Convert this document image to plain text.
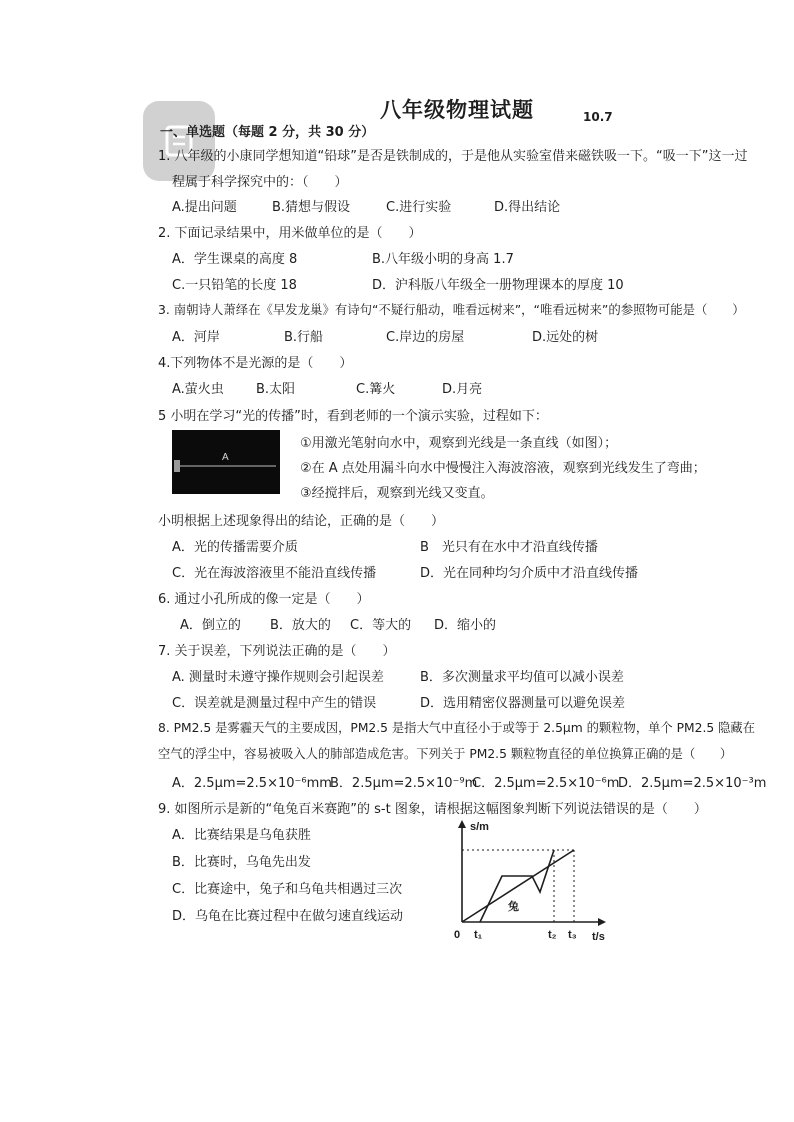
八年级物理试题	10.7
一、单选题（每题 2 分，共 30 分）
1. 八年级的小康同学想知道“铅球”是否是铁制成的，于是他从实验室借来磁铁吸一下。“吸一下”这一过
程属于科学探究中的：（　　）
A.提出问题	B.猜想与假设	C.进行实验	D.得出结论
2. 下面记录结果中，用米做单位的是（　　）
A．学生课桌的高度 8	B.八年级小明的身高 1.7
C.一只铅笔的长度 18	D．沪科版八年级全一册物理课本的厚度 10
3. 南朝诗人萧绎在《早发龙巢》有诗句“不疑行船动，唯看远树来”，“唯看远树来”的参照物可能是（　　）
A．河岸	B.行船	C.岸边的房屋	D.远处的树
4.下列物体不是光源的是（　　）
A.萤火虫 B.太阳	C.篝火	D.月亮
5 小明在学习“光的传播”时，看到老师的一个演示实验，过程如下：
A
①用激光笔射向水中，观察到光线是一条直线（如图）；
②在 A 点处用漏斗向水中慢慢注入海波溶液，观察到光线发生了弯曲；
③经搅拌后，观察到光线又变直。
小明根据上述现象得出的结论，正确的是（　　）
A．光的传播需要介质	B　光只有在水中才沿直线传播
C．光在海波溶液里不能沿直线传播	D．光在同种均匀介质中才沿直线传播
6. 通过小孔所成的像一定是（　　）
A．倒立的 B．放大的 C．等大的 D．缩小的
7. 关于误差，下列说法正确的是（　　）
A. 测量时未遵守操作规则会引起误差	B．多次测量求平均值可以减小误差
C．误差就是测量过程中产生的错误	D．选用精密仪器测量可以避免误差
8. PM2.5 是雾霾天气的主要成因，PM2.5 是指大气中直径小于或等于 2.5μm 的颗粒物，单个 PM2.5 隐藏在
空气的浮尘中，容易被吸入人的肺部造成危害。下列关于 PM2.5 颗粒物直径的单位换算正确的是（　　）
A．2.5μm=2.5×10⁻⁶mm
B．2.5μm=2.5×10⁻⁹m
C．2.5μm=2.5×10⁻⁶m
D．2.5μm=2.5×10⁻³m
9. 如图所示是新的“龟兔百米赛跑”的 s-t 图象，请根据这幅图象判断下列说法错误的是（　　）
A．比赛结果是乌龟获胜
B．比赛时，乌龟先出发
C．比赛途中，兔子和乌龟共相遇过三次
D．乌龟在比赛过程中在做匀速直线运动
s/m
t/s
0 t₁	t₂ t₃
兔
